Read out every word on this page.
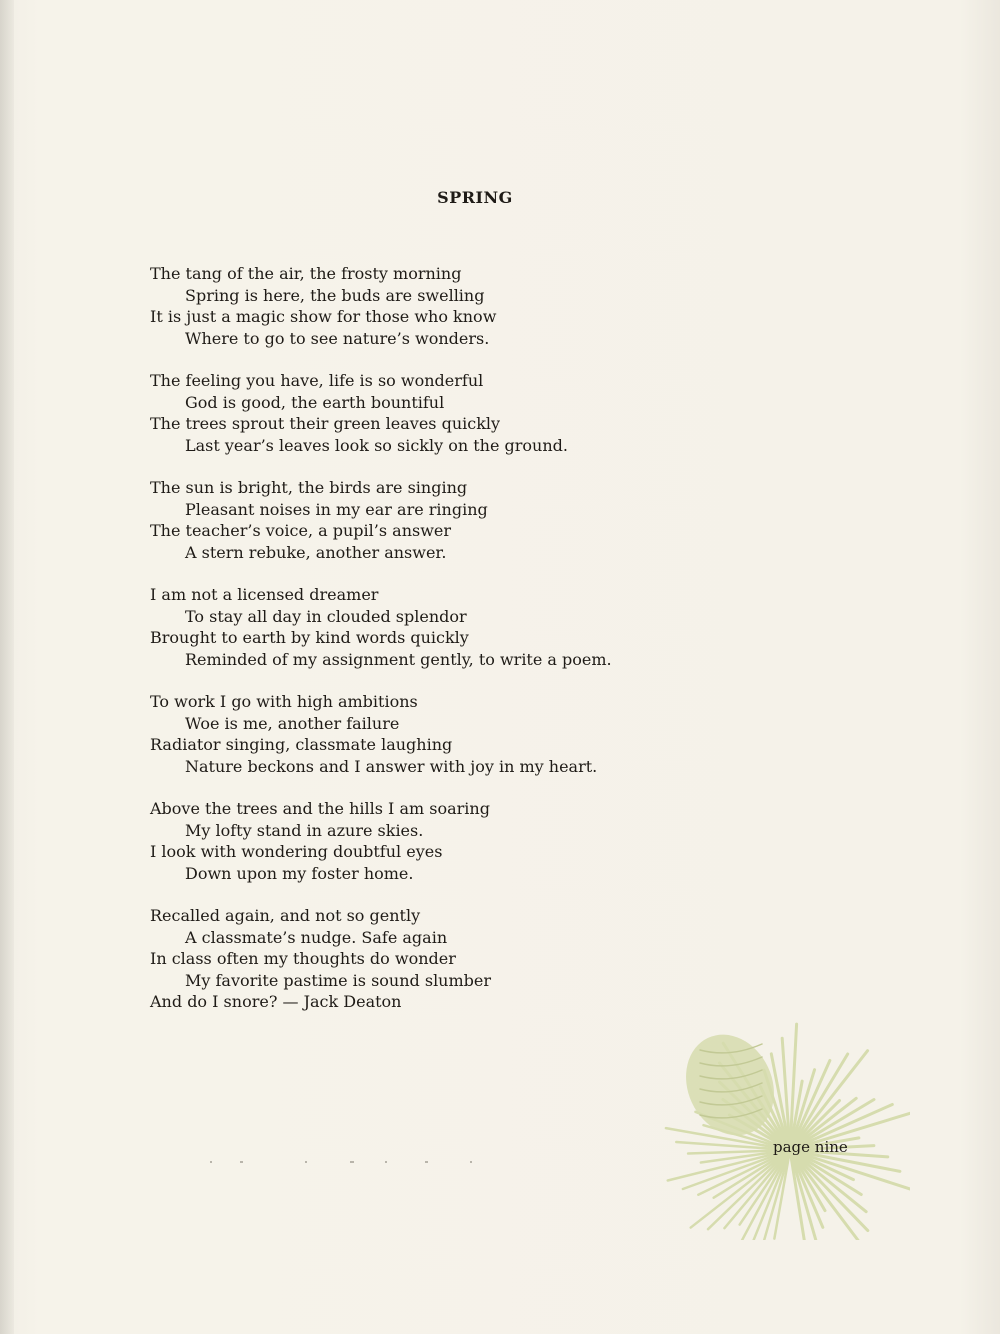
SPRING
The tang of the air, the frosty morning
Spring is here, the buds are swelling
It is just a magic show for those who know
Where to go to see nature’s wonders.
The feeling you have, life is so wonderful
God is good, the earth bountiful
The trees sprout their green leaves quickly
Last year’s leaves look so sickly on the ground.
The sun is bright, the birds are singing
Pleasant noises in my ear are ringing
The teacher’s voice, a pupil’s answer
A stern rebuke, another answer.
I am not a licensed dreamer
To stay all day in clouded splendor
Brought to earth by kind words quickly
Reminded of my assignment gently, to write a poem.
To work I go with high ambitions
Woe is me, another failure
Radiator singing, classmate laughing
Nature beckons and I answer with joy in my heart.
Above the trees and the hills I am soaring
My lofty stand in azure skies.
I look with wondering doubtful eyes
Down upon my foster home.
Recalled again, and not so gently
A classmate’s nudge. Safe again
In class often my thoughts do wonder
My favorite pastime is sound slumber
And do I snore? — Jack Deaton
page nine
